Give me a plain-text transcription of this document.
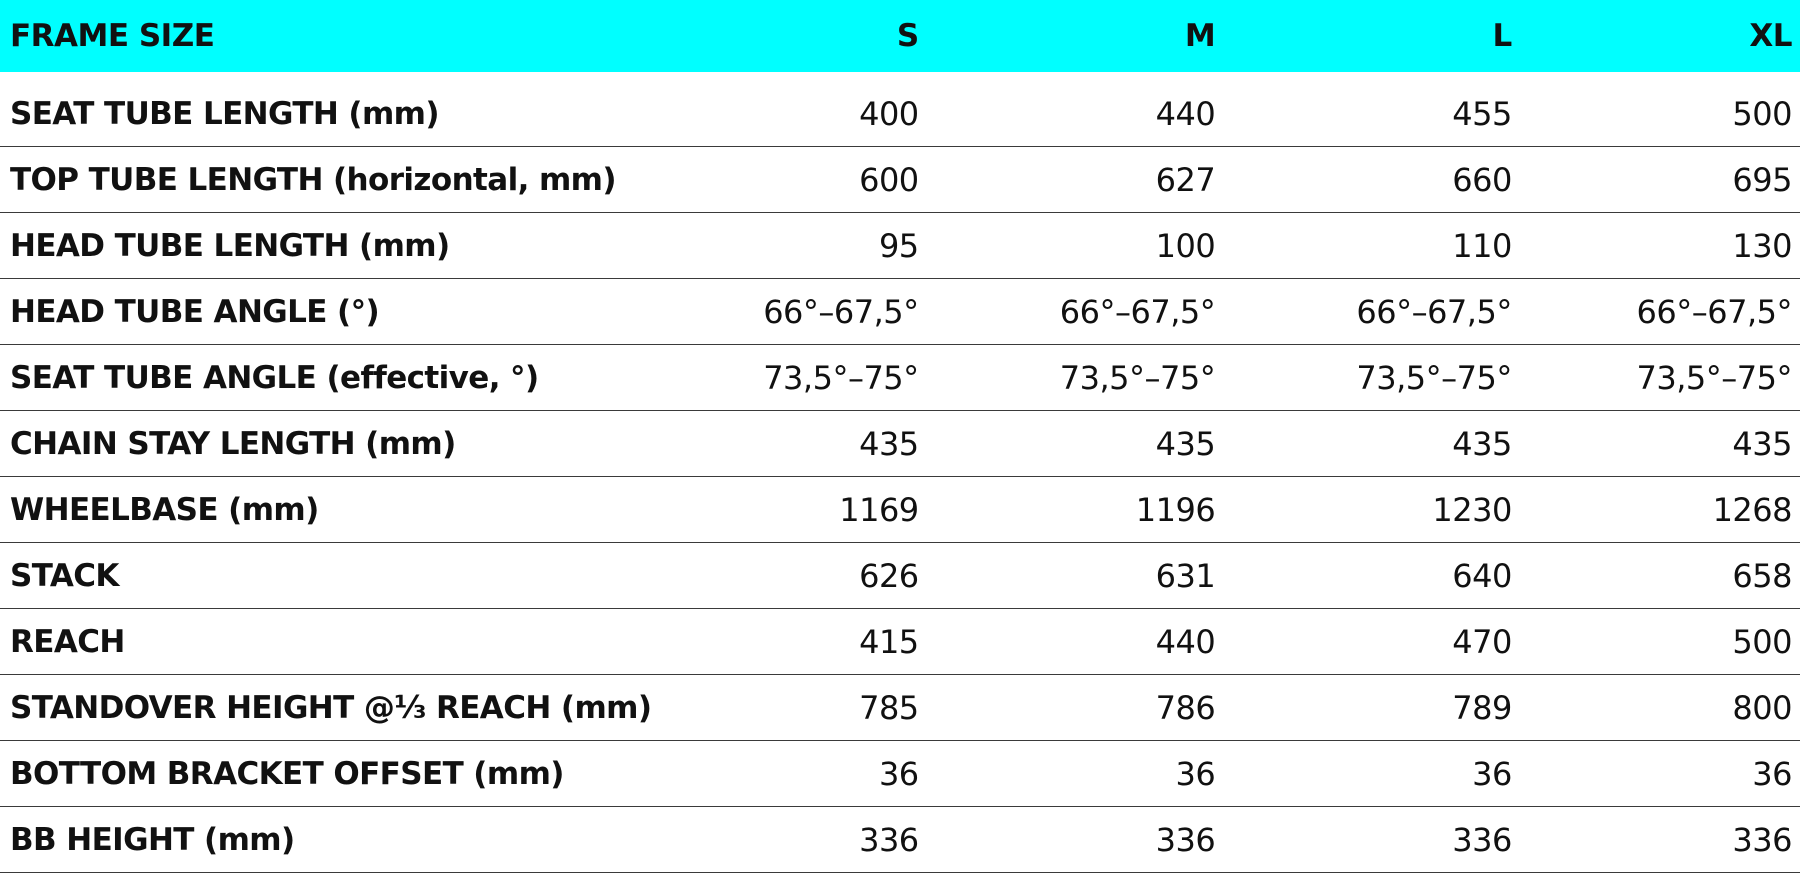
FRAME SIZE	S	M	L	XL

SEAT TUBE LENGTH (mm)	400	440	455	500
TOP TUBE LENGTH (horizontal, mm)	600	627	660	695
HEAD TUBE LENGTH (mm)	95	100	110	130
HEAD TUBE ANGLE (°)	66°–67,5°	66°–67,5°	66°–67,5°	66°–67,5°
SEAT TUBE ANGLE (effective, °)	73,5°–75°	73,5°–75°	73,5°–75°	73,5°–75°
CHAIN STAY LENGTH (mm)	435	435	435	435
WHEELBASE (mm)	1169	1196	1230	1268
STACK	626	631	640	658
REACH	415	440	470	500
STANDOVER HEIGHT @⅓ REACH (mm)	785	786	789	800
BOTTOM BRACKET OFFSET (mm)	36	36	36	36
BB HEIGHT (mm)	336	336	336	336
